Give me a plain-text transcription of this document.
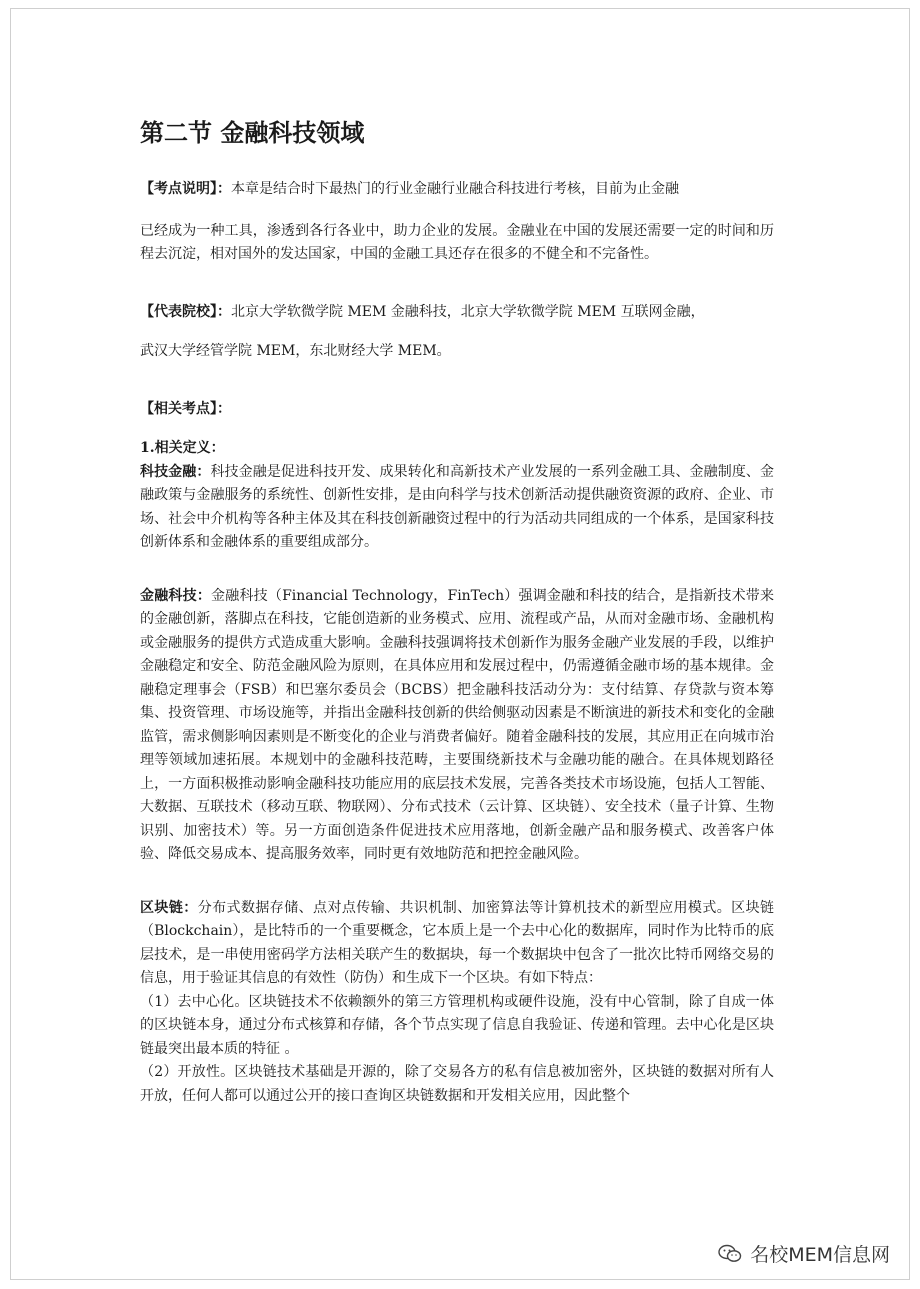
第二节 金融科技领域

【考点说明】：本章是结合时下最热门的行业金融行业融合科技进行考核，目前为止金融

已经成为一种工具，渗透到各行各业中，助力企业的发展。金融业在中国的发展还需要一定的时间和历程去沉淀，相对国外的发达国家，中国的金融工具还存在很多的不健全和不完备性。

【代表院校】：北京大学软微学院 MEM 金融科技，北京大学软微学院 MEM 互联网金融，

武汉大学经管学院 MEM，东北财经大学 MEM。

【相关考点】：

1.相关定义：

科技金融：科技金融是促进科技开发、成果转化和高新技术产业发展的一系列金融工具、金融制度、金融政策与金融服务的系统性、创新性安排，是由向科学与技术创新活动提供融资资源的政府、企业、市场、社会中介机构等各种主体及其在科技创新融资过程中的行为活动共同组成的一个体系，是国家科技创新体系和金融体系的重要组成部分。

金融科技：金融科技（Financial Technology，FinTech）强调金融和科技的结合，是指新技术带来的金融创新，落脚点在科技，它能创造新的业务模式、应用、流程或产品，从而对金融市场、金融机构或金融服务的提供方式造成重大影响。金融科技强调将技术创新作为服务金融产业发展的手段，以维护金融稳定和安全、防范金融风险为原则，在具体应用和发展过程中，仍需遵循金融市场的基本规律。金融稳定理事会（FSB）和巴塞尔委员会（BCBS）把金融科技活动分为：支付结算、存贷款与资本筹集、投资管理、市场设施等，并指出金融科技创新的供给侧驱动因素是不断演进的新技术和变化的金融监管，需求侧影响因素则是不断变化的企业与消费者偏好。随着金融科技的发展，其应用正在向城市治理等领域加速拓展。本规划中的金融科技范畴，主要围绕新技术与金融功能的融合。在具体规划路径上，一方面积极推动影响金融科技功能应用的底层技术发展，完善各类技术市场设施，包括人工智能、大数据、互联技术（移动互联、物联网）、分布式技术（云计算、区块链）、安全技术（量子计算、生物识别、加密技术）等。另一方面创造条件促进技术应用落地，创新金融产品和服务模式、改善客户体验、降低交易成本、提高服务效率，同时更有效地防范和把控金融风险。

区块链：分布式数据存储、点对点传输、共识机制、加密算法等计算机技术的新型应用模式。区块链（Blockchain），是比特币的一个重要概念，它本质上是一个去中心化的数据库，同时作为比特币的底层技术，是一串使用密码学方法相关联产生的数据块，每一个数据块中包含了一批次比特币网络交易的信息，用于验证其信息的有效性（防伪）和生成下一个区块。有如下特点：

（1）去中心化。区块链技术不依赖额外的第三方管理机构或硬件设施，没有中心管制，除了自成一体的区块链本身，通过分布式核算和存储，各个节点实现了信息自我验证、传递和管理。去中心化是区块链最突出最本质的特征 。

（2）开放性。区块链技术基础是开源的，除了交易各方的私有信息被加密外，区块链的数据对所有人开放，任何人都可以通过公开的接口查询区块链数据和开发相关应用，因此整个

名校MEM信息网
